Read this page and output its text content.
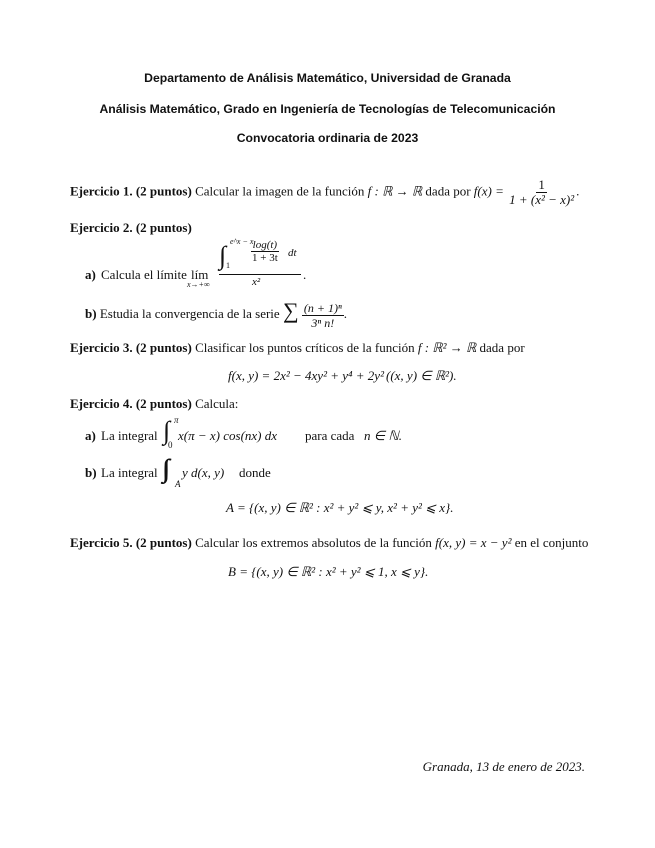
Departamento de Análisis Matemático, Universidad de Granada
Análisis Matemático, Grado en Ingeniería de Tecnologías de Telecomunicación
Convocatoria ordinaria de 2023
Ejercicio 1. (2 puntos) Calcular la imagen de la función f : ℝ → ℝ dada por $f(x) = \frac{1}{\text{1 + (x² − x)²}}$ .
Ejercicio 2. (2 puntos)
a) Calcula el límite lím
x→+∞
∫ e^x − x
1
$\frac{\log(t)}{1 + 3t}$ dt
x²	.
b) Estudia la convergencia de la serie ∑ $\frac{\text{(n + 1)ⁿ}}{\text{3ⁿ n!}}$ .
Ejercicio 3. (2 puntos) Clasificar los puntos críticos de la función f : ℝ² → ℝ dada por
f(x, y) = 2x² − 4xy² + y⁴ + 2y² ((x, y) ∈ ℝ²).
Ejercicio 4. (2 puntos) Calcula:
a) La integral ∫ π
0
x(π − x) cos(nx) dx para cada n ∈ ℕ.
b) La integral
A
y d(x, y) donde
A = {(x, y) ∈ ℝ² : x² + y² ⩽ y, x² + y² ⩽ x}.
Ejercicio 5. (2 puntos) Calcular los extremos absolutos de la función f(x, y) = x − y² en el conjunto
B = {(x, y) ∈ ℝ² : x² + y² ⩽ 1, x ⩽ y}.
Granada, 13 de enero de 2023.
